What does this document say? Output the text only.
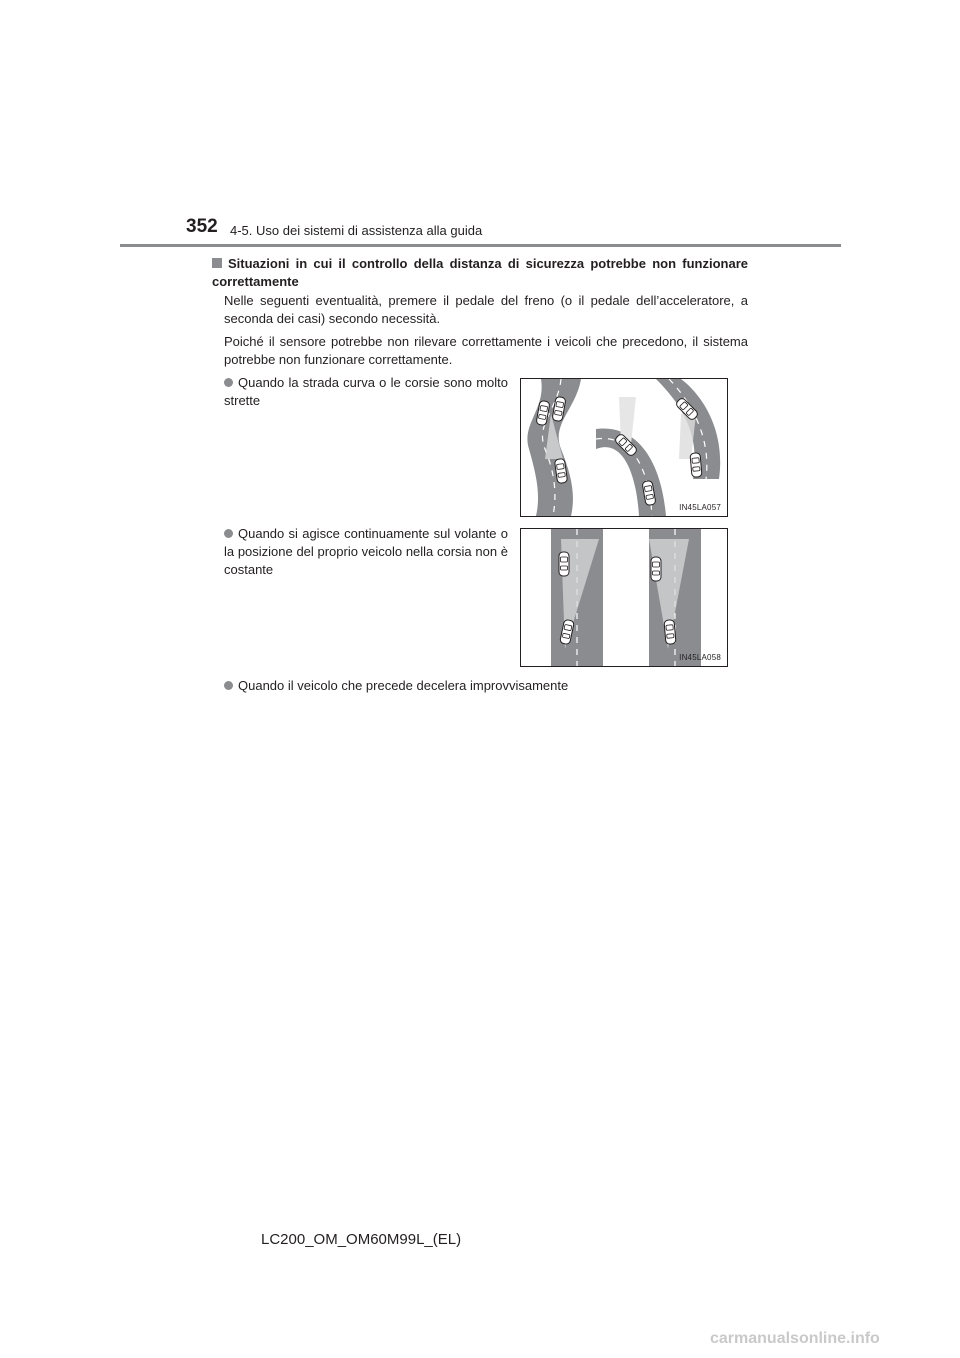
352 4-5. Uso dei sistemi di assistenza alla guida
Situazioni in cui il controllo della distanza di sicurezza potrebbe non funzionare correttamente
Nelle seguenti eventualità, premere il pedale del freno (o il pedale dell’acceleratore, a seconda dei casi) secondo necessità.
Poiché il sensore potrebbe non rilevare correttamente i veicoli che precedono, il sistema potrebbe non funzionare correttamente.
Quando la strada curva o le corsie sono molto strette
IN45LA057
Quando si agisce continuamente sul volante o la posizione del proprio veicolo nella corsia non è costante
IN45LA058
Quando il veicolo che precede decelera improvvisamente
LC200_OM_OM60M99L_(EL)
carmanualsonline.info
